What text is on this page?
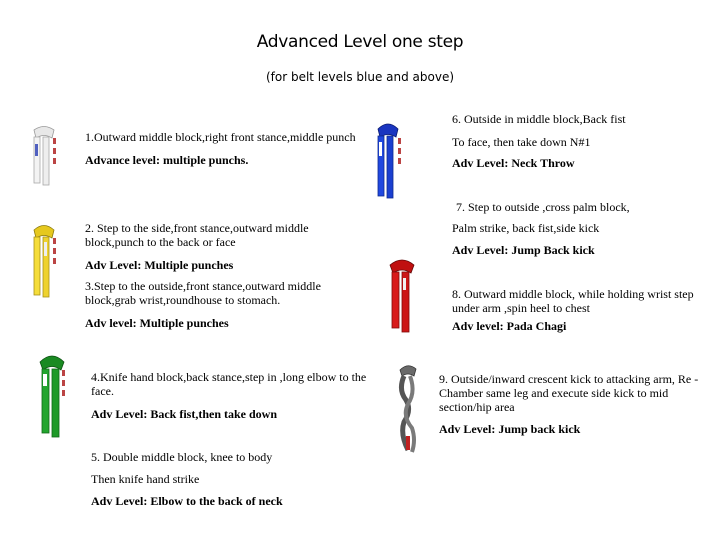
Advanced Level one step
(for belt levels blue and above)
1.Outward middle block,right front stance,middle punch
Advance level: multiple punchs.
2. Step to the side,front stance,outward middle block,punch to the back or face
Adv Level: Multiple punches
3.Step to the outside,front stance,outward middle block,grab wrist,roundhouse to stomach.
Adv level: Multiple punches
4.Knife hand block,back stance,step in ,long elbow to the face.
Adv Level: Back fist,then take down
5. Double middle block, knee to body
Then knife hand strike
Adv Level: Elbow to the back of neck
6. Outside in middle block,Back fist
To face, then take down N#1
Adv Level: Neck Throw
7. Step to outside ,cross palm block,
Palm strike, back fist,side kick
Adv Level: Jump Back kick
8. Outward middle block, while holding wrist step under arm ,spin heel to chest
Adv level: Pada Chagi
9. Outside/inward crescent kick to attacking arm, Re -Chamber same leg and execute side kick to mid section/hip area
Adv Level: Jump back kick
